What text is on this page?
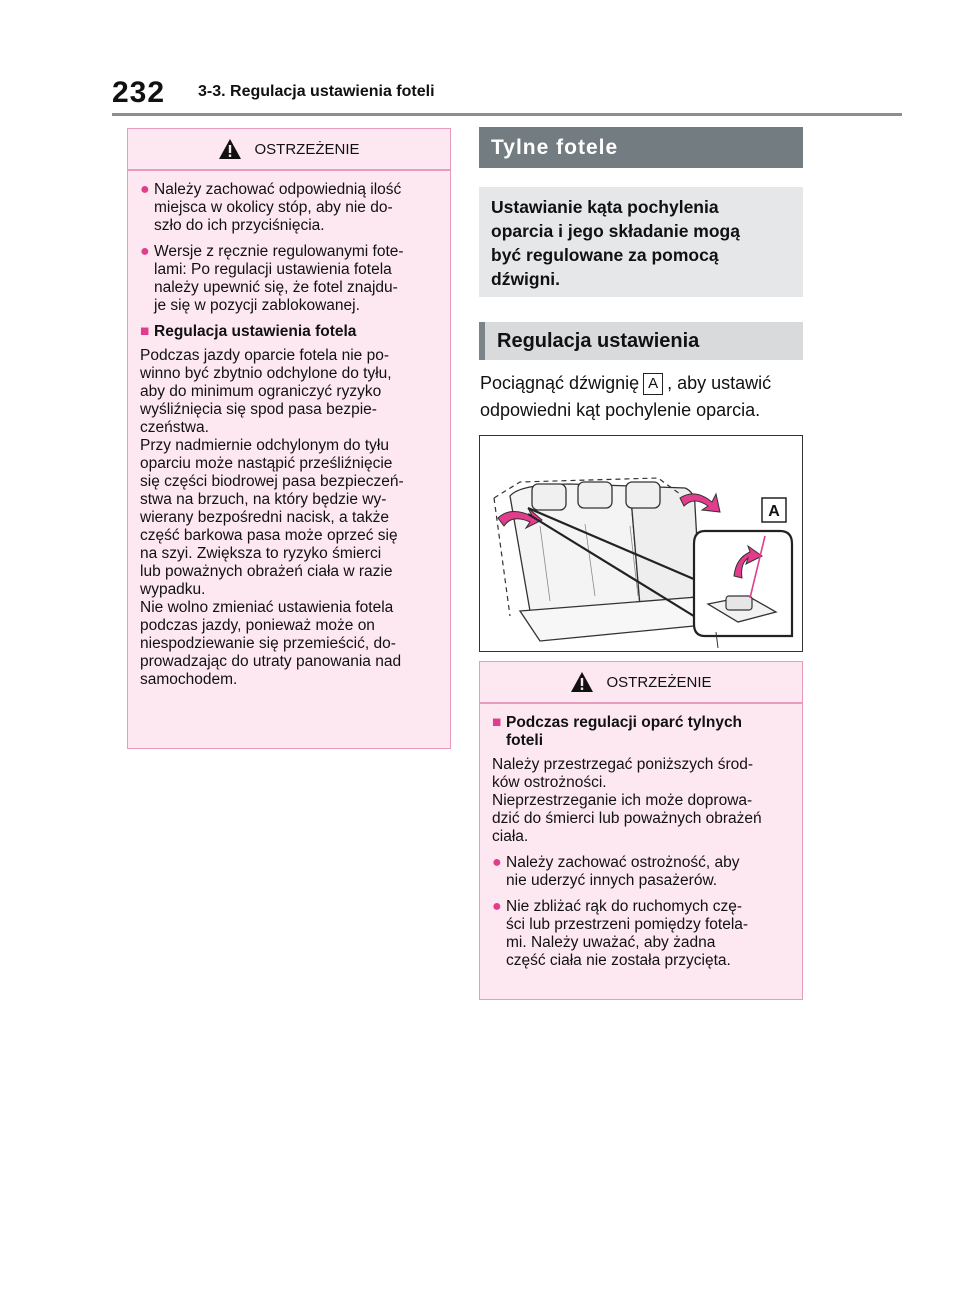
232 3-3. Regulacja ustawienia foteli
OSTRZEŻENIE
● Należy zachować odpowiednią ilość
miejsca w okolicy stóp, aby nie do-
szło do ich przyciśnięcia.
● Wersje z ręcznie regulowanymi fote-
lami: Po regulacji ustawienia fotela
należy upewnić się, że fotel znajdu-
je się w pozycji zablokowanej.
■ Regulacja ustawienia fotela
Podczas jazdy oparcie fotela nie po-
winno być zbytnio odchylone do tyłu,
aby do minimum ograniczyć ryzyko
wyśliźnięcia się spod pasa bezpie-
czeństwa.
Przy nadmiernie odchylonym do tyłu
oparciu może nastąpić prześliźnięcie
się części biodrowej pasa bezpieczeń-
stwa na brzuch, na który będzie wy-
wierany bezpośredni nacisk, a także
część barkowa pasa może oprzeć się
na szyi. Zwiększa to ryzyko śmierci
lub poważnych obrażeń ciała w razie
wypadku.
Nie wolno zmieniać ustawienia fotela
podczas jazdy, ponieważ może on
niespodziewanie się przemieścić, do-
prowadzając do utraty panowania nad
samochodem.
Tylne fotele
Ustawianie kąta pochylenia
oparcia i jego składanie mogą
być regulowane za pomocą
dźwigni.
Regulacja ustawienia
Pociągnąć dźwignię A , aby ustawić odpowiedni kąt pochylenie oparcia.
A
OSTRZEŻENIE
■ Podczas regulacji oparć tylnych
foteli
Należy przestrzegać poniższych środ-
ków ostrożności.
Nieprzestrzeganie ich może doprowa-
dzić do śmierci lub poważnych obrażeń
ciała.
● Należy zachować ostrożność, aby
nie uderzyć innych pasażerów.
● Nie zbliżać rąk do ruchomych czę-
ści lub przestrzeni pomiędzy fotela-
mi. Należy uważać, aby żadna
część ciała nie została przycięta.
